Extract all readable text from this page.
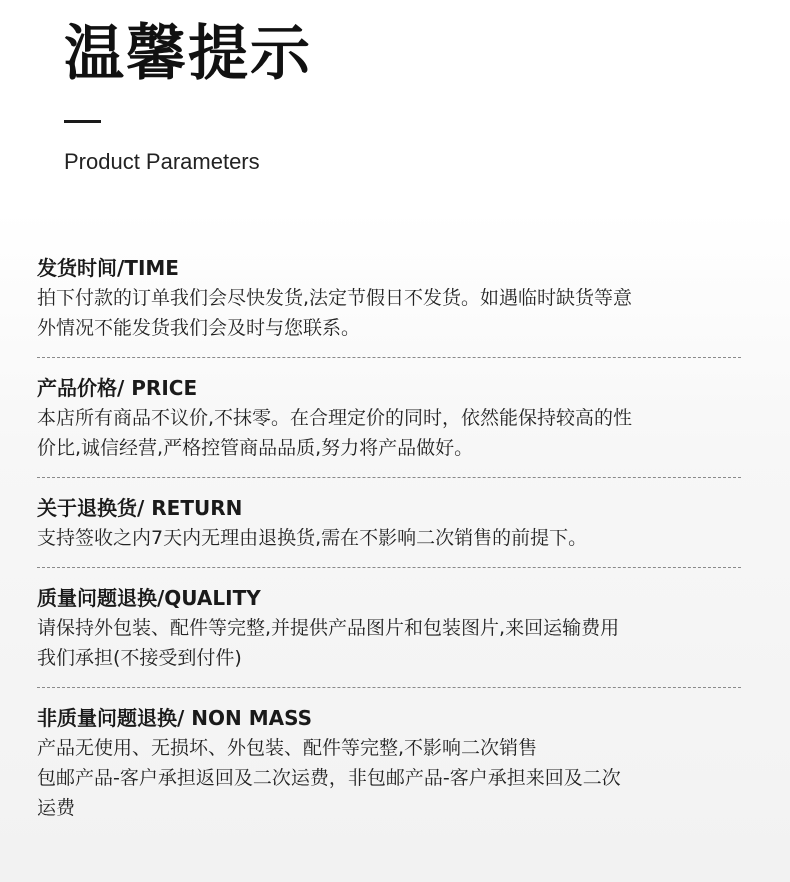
温馨提示
Product Parameters
发货时间/TIME
拍下付款的订单我们会尽快发货,法定节假日不发货。如遇临时缺货等意
外情况不能发货我们会及时与您联系。
产品价格/ PRICE
本店所有商品不议价,不抹零。在合理定价的同时，依然能保持较高的性
价比,诚信经营,严格控管商品品质,努力将产品做好。
关于退换货/ RETURN
支持签收之内7天内无理由退换货,需在不影响二次销售的前提下。
质量问题退换/QUALITY
请保持外包装、配件等完整,并提供产品图片和包装图片,来回运输费用
我们承担(不接受到付件)
非质量问题退换/ NON MASS
产品无使用、无损坏、外包装、配件等完整,不影响二次销售
包邮产品-客户承担返回及二次运费，非包邮产品-客户承担来回及二次
运费
